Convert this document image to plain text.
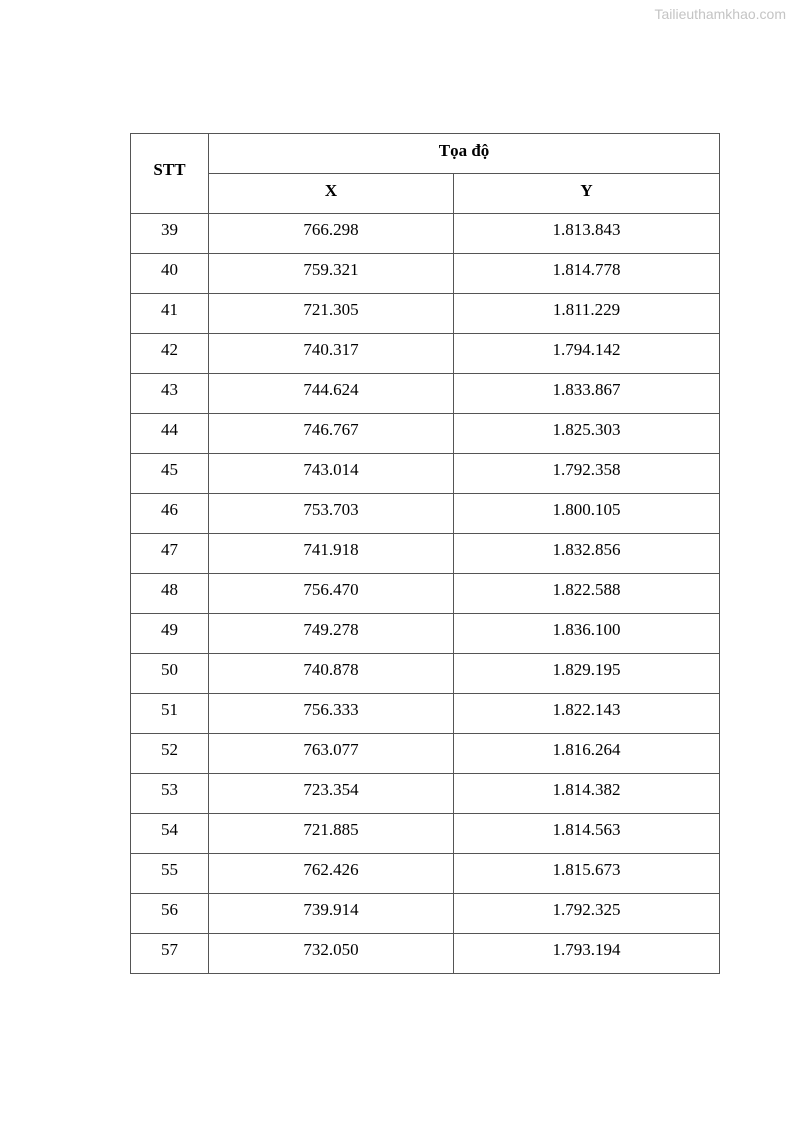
Tailieuthamkhao.com
STT	Tọa độ	
	X	Y
39	766.298	1.813.843
40	759.321	1.814.778
41	721.305	1.811.229
42	740.317	1.794.142
43	744.624	1.833.867
44	746.767	1.825.303
45	743.014	1.792.358
46	753.703	1.800.105
47	741.918	1.832.856
48	756.470	1.822.588
49	749.278	1.836.100
50	740.878	1.829.195
51	756.333	1.822.143
52	763.077	1.816.264
53	723.354	1.814.382
54	721.885	1.814.563
55	762.426	1.815.673
56	739.914	1.792.325
57	732.050	1.793.194
